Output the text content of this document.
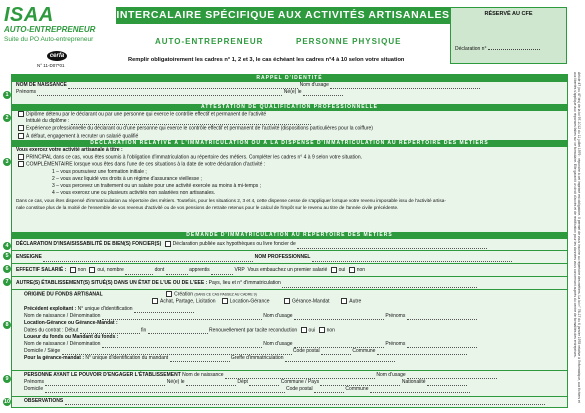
ISAA
AUTO-ENTREPRENEUR
Suite du PO Auto-entrepreneur
cerfa
N° 11-D07*01
INTERCALAIRE SPÉCIFIQUE AUX ACTIVITÉS ARTISANALES
AUTO-ENTREPRENEUR	PERSONNE PHYSIQUE
Remplir obligatoirement les cadres n° 1, 2 et 3, le cas échéant les cadres n°4 à 10 selon votre situation
RÉSERVÉ AU CFE
Déclaration n°
Article 47 (ou 47 bis) de la loi 97-1012 du 11 juillet 1979 : répondre à cet imprimé est obligatoire. Il permet de vous inscrire au répertoire des métiers. La loi n° 78-17 du 6 janvier 1978 relative à l'informatique, aux fichiers et aux libertés s'applique aux réponses faites sur ce formulaire. Elle garantit un droit d'accès et de rectification pour les données vous concernant auprès du centre de formalités des entreprises.
RAPPEL D'IDENTITÉ
1
NOM DE NAISSANCE	Nom d'usage
Prénoms	Né(e) le
ATTESTATION DE QUALIFICATION PROFESSIONNELLE
2
Diplôme détenu par le déclarant ou par une personne qui exerce le contrôle effectif et permanent de l'activité
Intitulé du diplôme :
Expérience professionnelle du déclarant ou d'une personne qui exerce le contrôle effectif et permanent de l'activité (dispositions particulières pour la coiffure)
À défaut, engagement à recruter un salarié qualifié
DÉCLARATION RELATIVE À L'IMMATRICULATION OU À LA DISPENSE D'IMMATRICULATION AU RÉPERTOIRE DES MÉTIERS
3
Vous exercez votre activité artisanale à titre :
PRINCIPAL dans ce cas, vous êtes soumis à l'obligation d'immatriculation au répertoire des métiers. Compléter les cadres n° 4 à 9 selon votre situation.
COMPLÉMENTAIRE lorsque vous êtes dans l'une de ces situations à la date de votre déclaration d'activité :
1 – vous poursuivez une formation initiale ;
2 – vous avez liquidé vos droits à un régime d'assurance vieillesse ;
3 – vous percevez un traitement ou un salaire pour une activité exercée au moins à mi-temps ;
4 – vous exercez une ou plusieurs activités non salariées non artisanales.
Dans ce cas, vous êtes dispensé d'immatriculation au répertoire des métiers. Toutefois, pour les situations 2, 3 et 4, cette dispense cesse de s'appliquer lorsque votre revenu imposable issu de l'activité artisa-
nale constitue plus de la moitié de l'ensemble de vos revenus d'activité ou de vos pensions de retraite retenus pour le calcul de l'impôt sur le revenu au titre de l'année civile précédente.
DEMANDE D'IMMATRICULATION AU RÉPERTOIRE DES MÉTIERS
4	DÉCLARATION D'INSAISISSABILITÉ DE BIEN(S) FONCIER(S) Déclaration publiée aux hypothèques ou livre foncier de
5	ENSEIGNE	NOM PROFESSIONNEL
6	EFFECTIF SALARIÉ : non oui, nombre	dont	apprentis	VRP Vous embauchez un premier salarié oui non
7	AUTRE(S) ÉTABLISSEMENT(S) SITUÉ(S) DANS UN ÉTAT DE L'UE OU DE L'EEE : Pays, lieu et n° d'immatriculation
8
ORIGINE DU FONDS ARTISANAL	Création (DANS CE CAS PASSEZ AU CADRE 9)
Achat, Partage, Licitation	Location-Gérance	Gérance-Mandat	Autre
Précédent exploitant : N° unique d'identification
Nom de naissance / Dénomination	Nom d'usage	Prénoms
Location-Gérance ou Gérance-Mandat :
Dates du contrat : Début	fin	Renouvellement par tacite reconduction oui non
Loueur du fonds ou Mandant du fonds :
Nom de naissance / Dénomination	Nom d'usage	Prénoms
Domicile / Siège	Code postal	Commune
Pour la gérance-mandat : N° unique d'identification du mandant	Greffe d'immatriculation
9
PERSONNE AYANT LE POUVOIR D'ENGAGER L'ÉTABLISSEMENT Nom de naissance	Nom d'usage
Prénoms	Né(e) le	Dépt	Commune / Pays	Nationalité
Domicile	Code postal	Commune
10	OBSERVATIONS
